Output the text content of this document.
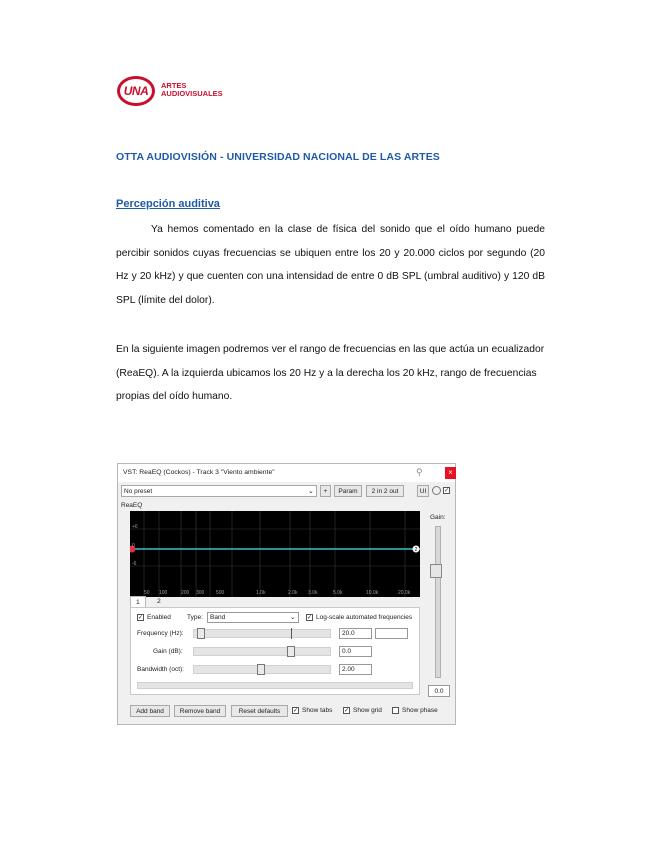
UNA	ARTES
AUDIOVISUALES
OTTA AUDIOVISIÓN - UNIVERSIDAD NACIONAL DE LAS ARTES
Percepción auditiva
Ya hemos comentado en la clase de física del sonido que el oído humano puede percibir sonidos cuyas frecuencias se ubiquen entre los 20 y 20.000 ciclos por segundo (20 Hz y 20 kHz) y que cuenten con una intensidad de entre 0 dB SPL (umbral auditivo) y 120 dB SPL (límite del dolor).
En la siguiente imagen podremos ver el rango de frecuencias en las que actúa un ecualizador (ReaEQ). A la izquierda ubicamos los 20 Hz y a la derecha los 20 kHz, rango de frecuencias propias del oído humano.
VST: ReaEQ (Cockos) - Track 3 "Viento ambiente"	⚲	×
No preset	⌄	+	Param	2 in 2 out	UI	✓
ReaEQ
Gain:
2
+6
0
-6
50 100	200 300 500	1.0k	2.0k 3.0k	5.0k	10.0k	20.0k
0.0
1	2
✓ Enabled Type:	Band	⌄ ✓ Log-scale automated frequencies
Frequency (Hz):	20.0
Gain (dB):	0.0
Bandwidth (oct):	2.00
Add band	Remove band	Reset defaults	✓ Show tabs ✓ Show grid	Show phase
